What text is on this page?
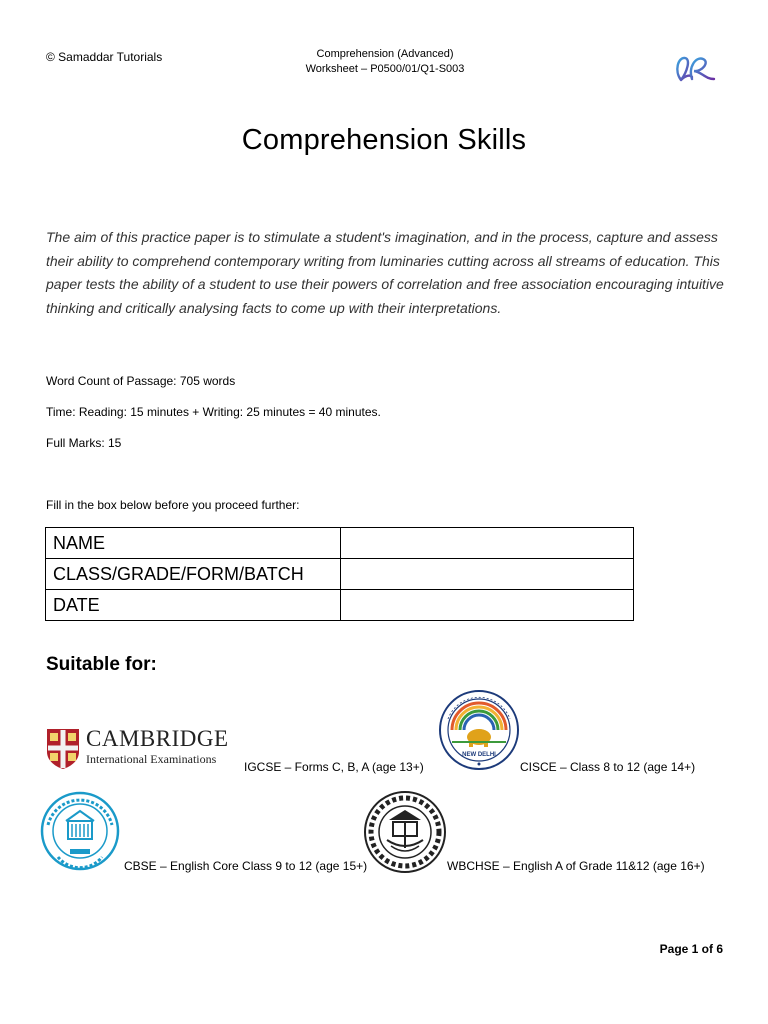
© Samaddar Tutorials	Comprehension (Advanced)
Worksheet – P0500/01/Q1-S003
Comprehension Skills
The aim of this practice paper is to stimulate a student's imagination, and in the process, capture and assess their ability to comprehend contemporary writing from luminaries cutting across all streams of education. This paper tests the ability of a student to use their powers of correlation and free association encouraging intuitive thinking and critically analysing facts to come up with their interpretations.
Word Count of Passage: 705 words
Time: Reading: 15 minutes + Writing: 25 minutes = 40 minutes.
Full Marks: 15
Fill in the box below before you proceed further:
NAME	
CLASS/GRADE/FORM/BATCH	
DATE	
Suitable for:
CAMBRIDGE
International Examinations
IGCSE – Forms C, B, A (age 13+)
NEW DELHI
CISCE – Class 8 to 12 (age 14+)
CBSE – English Core Class 9 to 12 (age 15+)	WBCHSE – English A of Grade 11&12 (age 16+)
Page 1 of 6
